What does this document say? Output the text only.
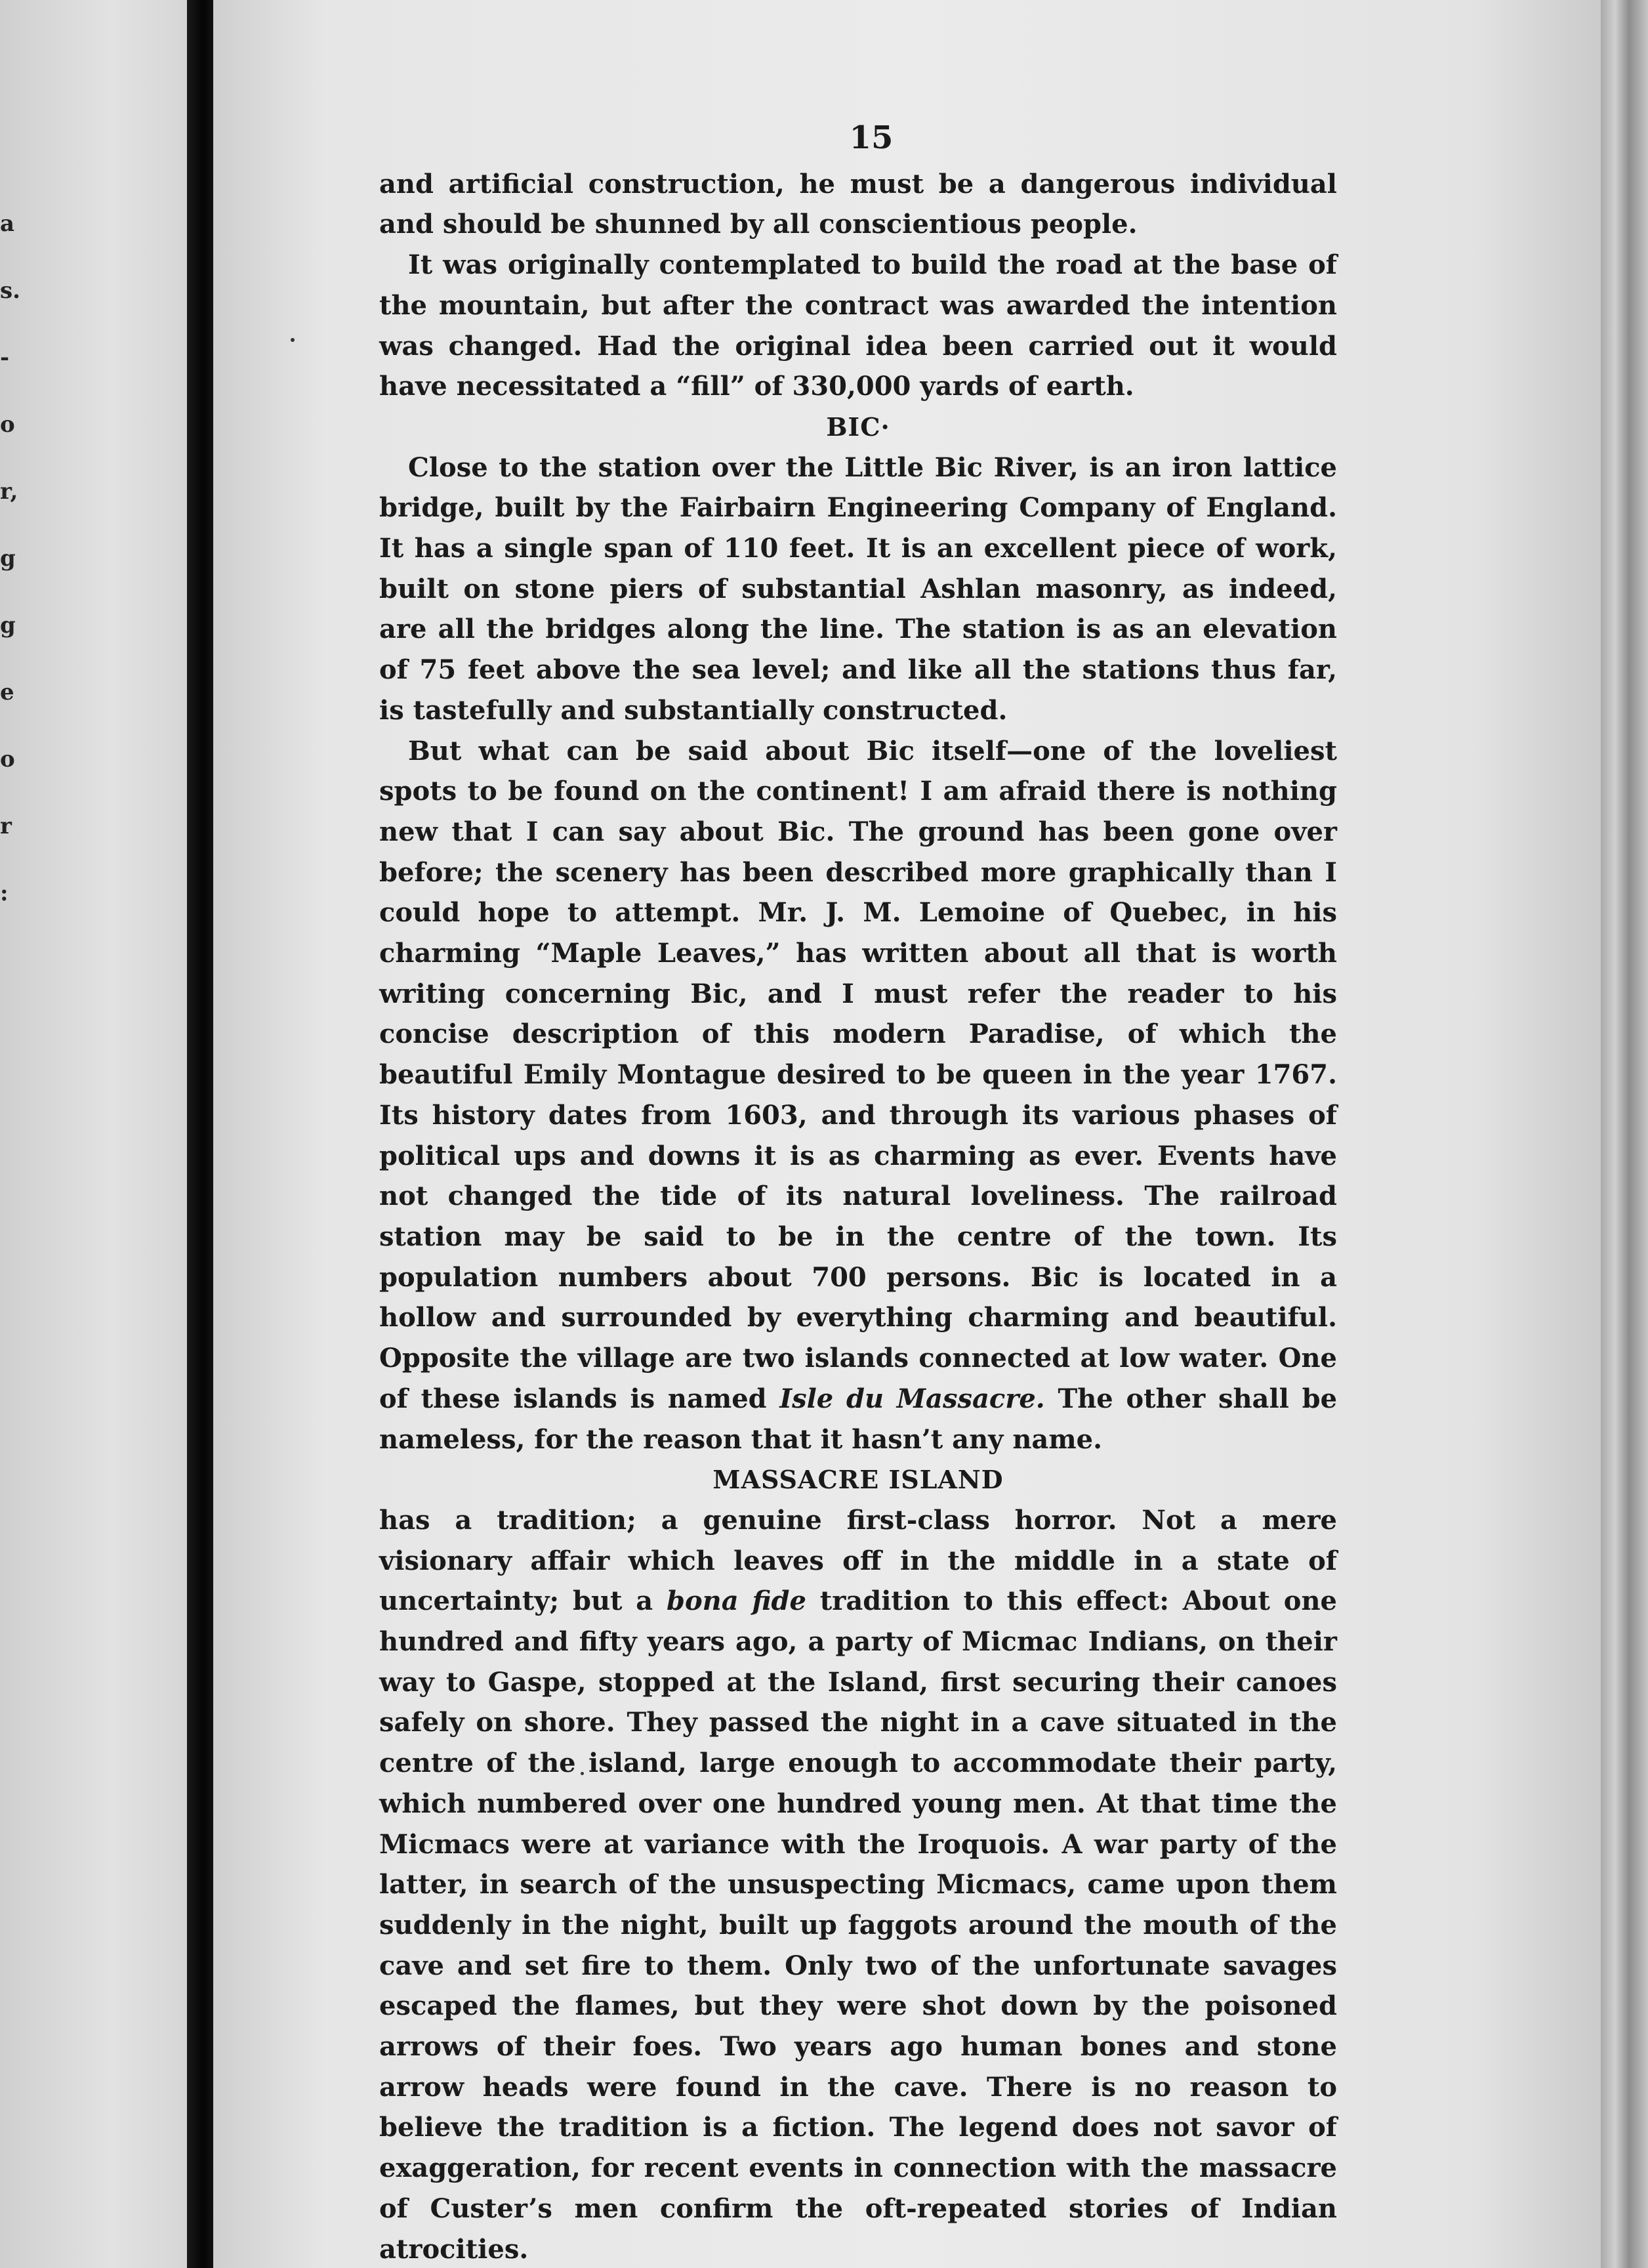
a
s.
-
o
r,
g
g
e
o
r
:
15

and artificial construction, he must be a dangerous individual and should be shunned by all conscientious people.

It was originally contemplated to build the road at the base of the mountain, but after the contract was awarded the intention was changed. Had the original idea been carried out it would have necessitated a “fill” of 330,000 yards of earth.

BIC·

Close to the station over the Little Bic River, is an iron lattice bridge, built by the Fairbairn Engineering Company of England. It has a single span of 110 feet. It is an excellent piece of work, built on stone piers of substantial Ashlan masonry, as indeed, are all the bridges along the line. The station is as an elevation of 75 feet above the sea level; and like all the stations thus far, is tastefully and substantially constructed.

But what can be said about Bic itself—one of the loveliest spots to be found on the continent! I am afraid there is nothing new that I can say about Bic. The ground has been gone over before; the scenery has been described more graphically than I could hope to attempt. Mr. J. M. Lemoine of Quebec, in his charming “Maple Leaves,” has written about all that is worth writing concerning Bic, and I must refer the reader to his concise description of this modern Paradise, of which the beautiful Emily Montague desired to be queen in the year 1767. Its history dates from 1603, and through its various phases of political ups and downs it is as charming as ever. Events have not changed the tide of its natural loveliness. The railroad station may be said to be in the centre of the town. Its population numbers about 700 persons. Bic is located in a hollow and surrounded by everything charming and beautiful. Opposite the village are two islands connected at low water. One of these islands is named Isle du Massacre. The other shall be nameless, for the reason that it hasn’t any name.

MASSACRE ISLAND

has a tradition; a genuine first-class horror. Not a mere visionary affair which leaves off in the middle in a state of uncertainty; but a bona fide tradition to this effect: About one hundred and fifty years ago, a party of Micmac Indians, on their way to Gaspe, stopped at the Island, first securing their canoes safely on shore. They passed the night in a cave situated in the centre of the island, large enough to accommodate their party, which numbered over one hundred young men. At that time the Micmacs were at variance with the Iroquois. A war party of the latter, in search of the unsuspecting Micmacs, came upon them suddenly in the night, built up faggots around the mouth of the cave and set fire to them. Only two of the unfortunate savages escaped the flames, but they were shot down by the poisoned arrows of their foes. Two years ago human bones and stone arrow heads were found in the cave. There is no reason to believe the tradition is a fiction. The legend does not savor of exaggeration, for recent events in connection with the massacre of Custer’s men confirm the oft-repeated stories of Indian atrocities.
